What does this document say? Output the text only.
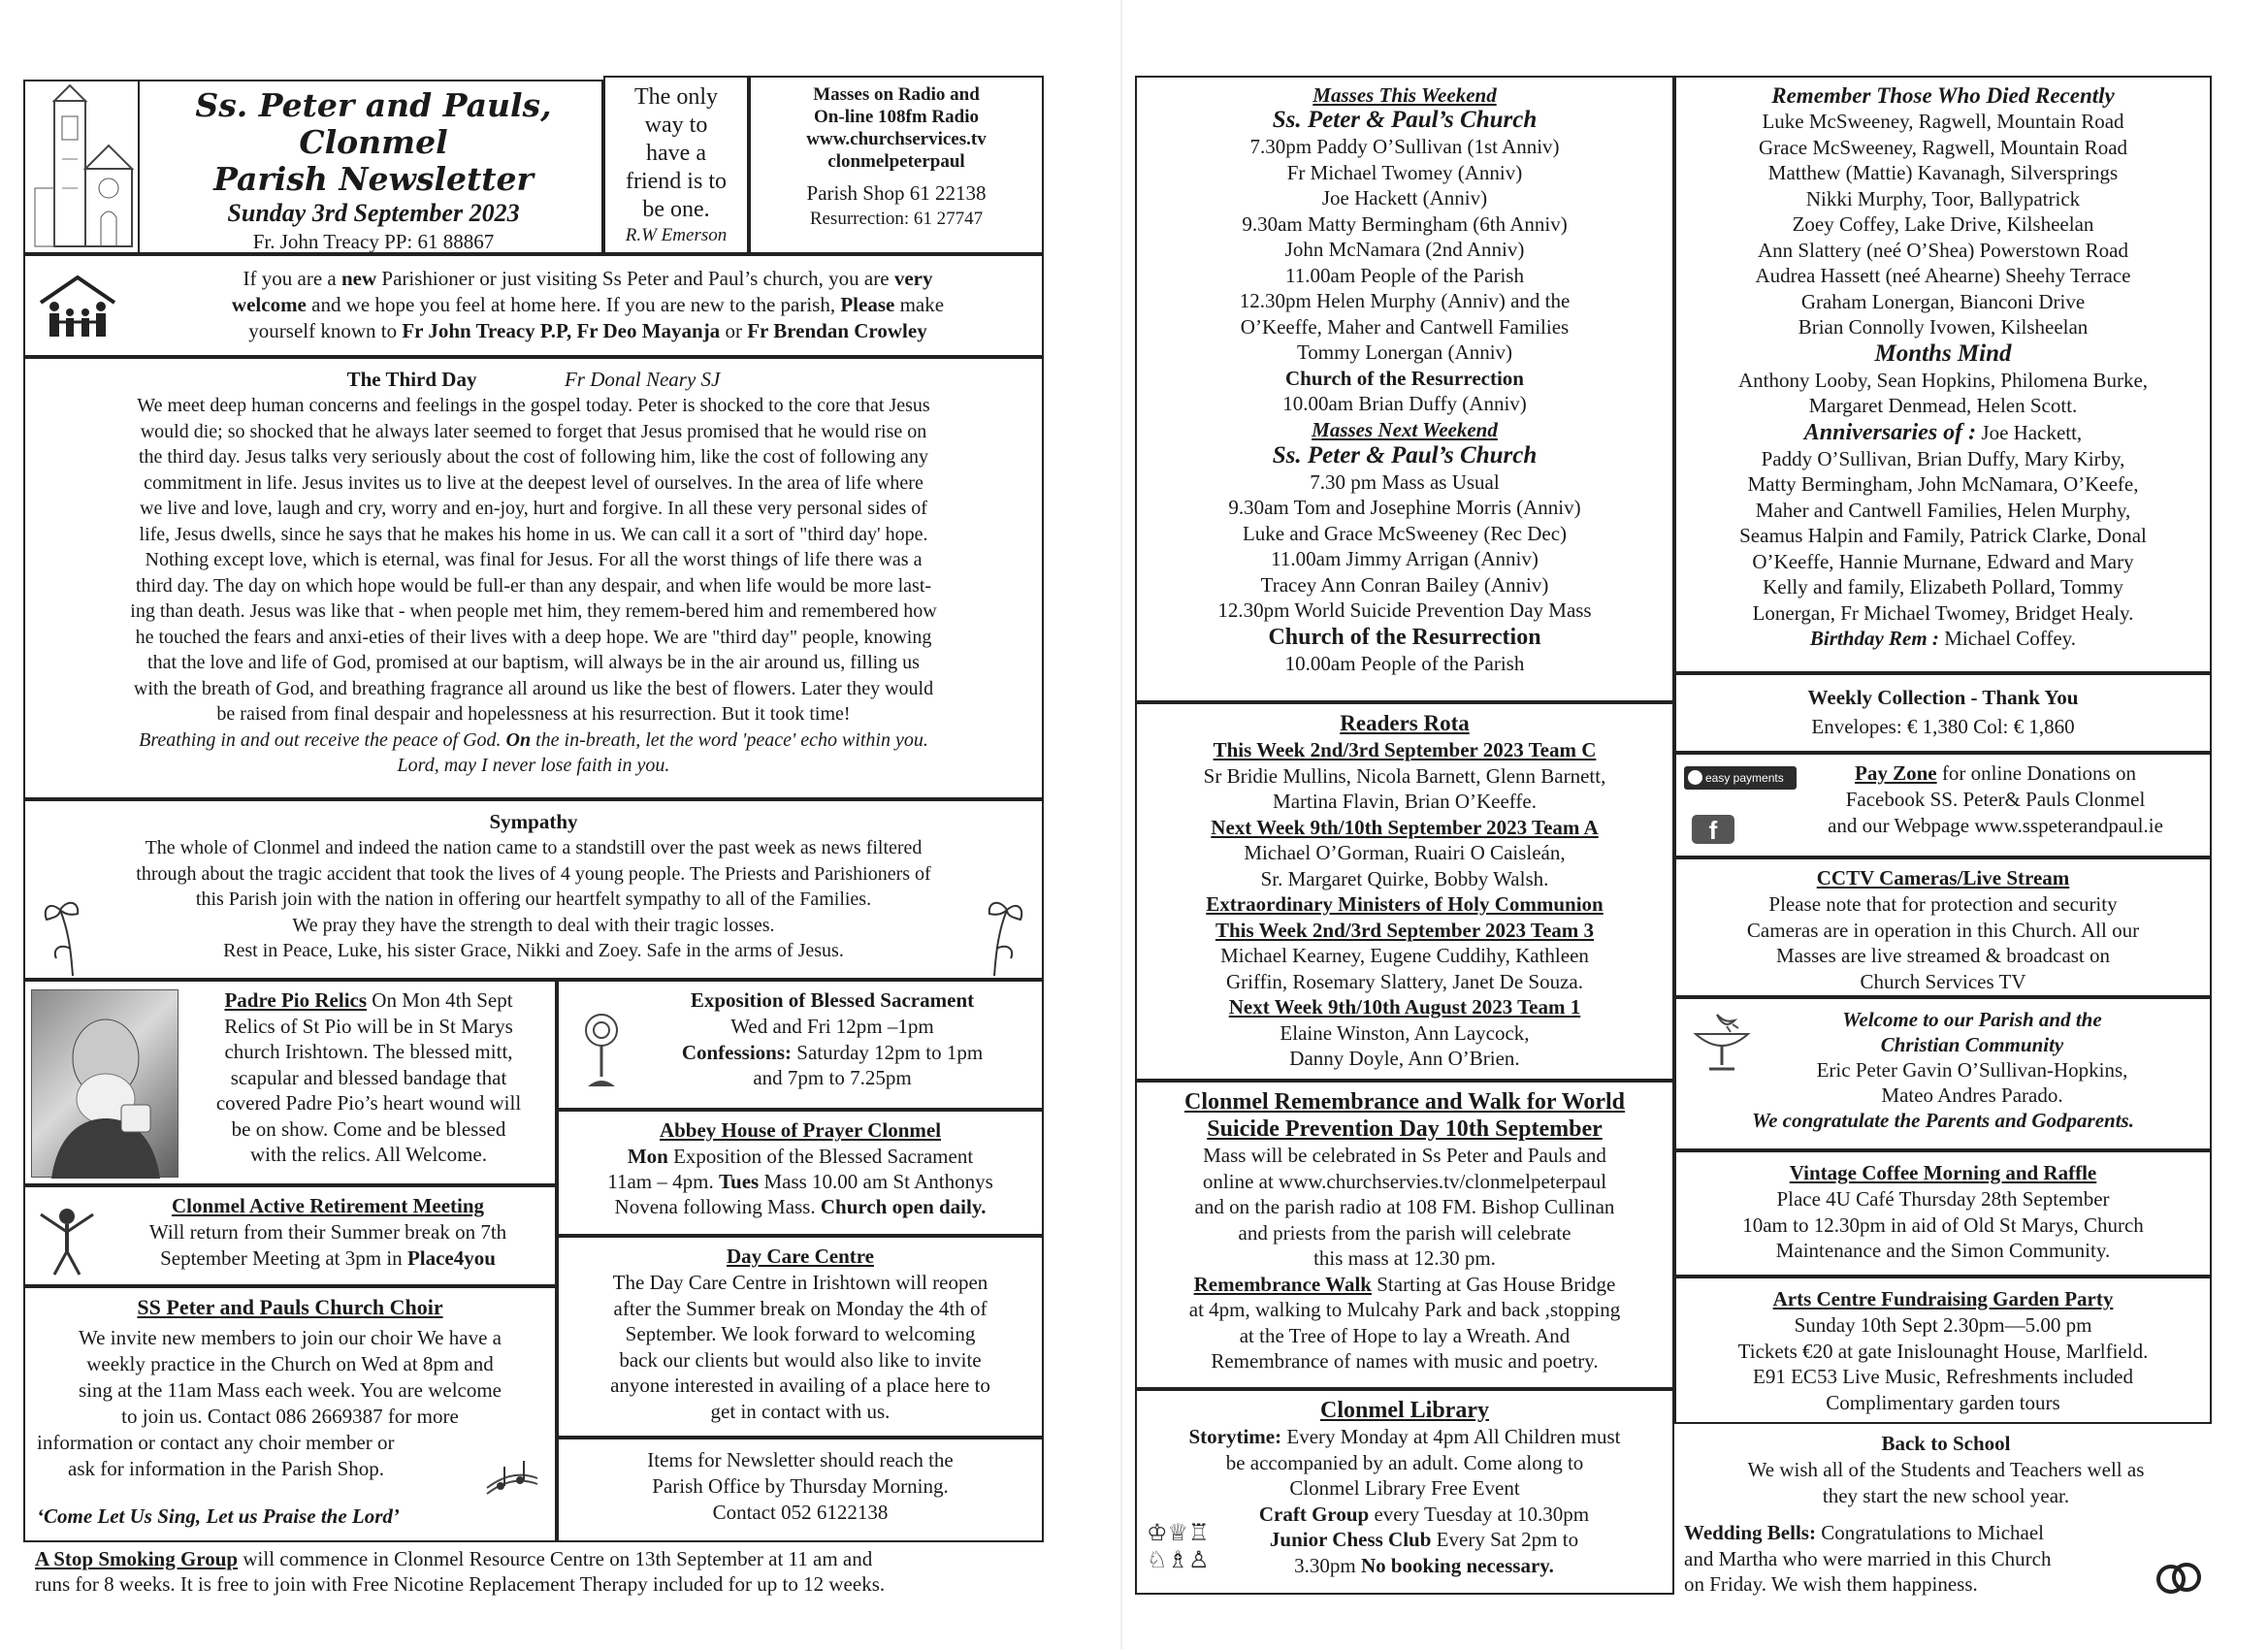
Ss. Peter and Pauls, Clonmel
Parish Newsletter
Sunday 3rd September 2023
Fr. John Treacy PP: 61 88867
The only
way to
have a
friend is to
be one.
R.W Emerson
Masses on Radio and
On-line 108fm Radio
www.churchservices.tv
clonmelpeterpaul
Parish Shop 61 22138
Resurrection: 61 27747
If you are a new Parishioner or just visiting Ss Peter and Paul’s church, you are very
welcome and we hope you feel at home here. If you are new to the parish, Please make
yourself known to Fr John Treacy P.P, Fr Deo Mayanja or Fr Brendan Crowley
The Third Day	Fr Donal Neary SJ
We meet deep human concerns and feelings in the gospel today. Peter is shocked to the core that Jesus
would die; so shocked that he always later seemed to forget that Jesus promised that he would rise on
the third day. Jesus talks very seriously about the cost of following him, like the cost of following any
commitment in life. Jesus invites us to live at the deepest level of ourselves. In the area of life where
we live and love, laugh and cry, worry and en-joy, hurt and forgive. In all these very personal sides of
life, Jesus dwells, since he says that he makes his home in us. We can call it a sort of "third day' hope.
Nothing except love, which is eternal, was final for Jesus. For all the worst things of life there was a
third day. The day on which hope would be full-er than any despair, and when life would be more last-
ing than death. Jesus was like that - when people met him, they remem-bered him and remembered how
he touched the fears and anxi-eties of their lives with a deep hope. We are "third day" people, knowing
that the love and life of God, promised at our baptism, will always be in the air around us, filling us
with the breath of God, and breathing fragrance all around us like the best of flowers. Later they would
be raised from final despair and hopelessness at his resurrection. But it took time!
Breathing in and out receive the peace of God. On the in-breath, let the word 'peace' echo within you.
Lord, may I never lose faith in you.
Sympathy
The whole of Clonmel and indeed the nation came to a standstill over the past week as news filtered
through about the tragic accident that took the lives of 4 young people. The Priests and Parishioners of
this Parish join with the nation in offering our heartfelt sympathy to all of the Families.
We pray they have the strength to deal with their tragic losses.
Rest in Peace, Luke, his sister Grace, Nikki and Zoey. Safe in the arms of Jesus.
Padre Pio Relics On Mon 4th Sept
Relics of St Pio will be in St Marys
church Irishtown. The blessed mitt,
scapular and blessed bandage that
covered Padre Pio’s heart wound will
be on show. Come and be blessed
with the relics. All Welcome.
Exposition of Blessed Sacrament
Wed and Fri 12pm –1pm
Confessions: Saturday 12pm to 1pm
and 7pm to 7.25pm
Abbey House of Prayer Clonmel
Mon Exposition of the Blessed Sacrament
11am – 4pm. Tues Mass 10.00 am St Anthonys
Novena following Mass. Church open daily.
Clonmel Active Retirement Meeting
Will return from their Summer break on 7th
September Meeting at 3pm in Place4you	Day Care Centre
The Day Care Centre in Irishtown will reopen
after the Summer break on Monday the 4th of
September. We look forward to welcoming
back our clients but would also like to invite
anyone interested in availing of a place here to
get in contact with us.
SS Peter and Pauls Church Choir
We invite new members to join our choir We have a
weekly practice in the Church on Wed at 8pm and
sing at the 11am Mass each week. You are welcome
to join us. Contact 086 2669387 for more
information or contact any choir member or
ask for information in the Parish Shop.
‘Come Let Us Sing, Let us Praise the Lord’
Items for Newsletter should reach the
Parish Office by Thursday Morning.
Contact 052 6122138
A Stop Smoking Group will commence in Clonmel Resource Centre on 13th September at 11 am and
runs for 8 weeks. It is free to join with Free Nicotine Replacement Therapy included for up to 12 weeks.
Masses This Weekend
Ss. Peter & Paul’s Church
7.30pm Paddy O’Sullivan (1st Anniv)
Fr Michael Twomey (Anniv)
Joe Hackett (Anniv)
9.30am Matty Bermingham (6th Anniv)
John McNamara (2nd Anniv)
11.00am People of the Parish
12.30pm Helen Murphy (Anniv) and the
O’Keeffe, Maher and Cantwell Families
Tommy Lonergan (Anniv)
Church of the Resurrection
10.00am Brian Duffy (Anniv)
Masses Next Weekend
Ss. Peter & Paul’s Church
7.30 pm Mass as Usual
9.30am Tom and Josephine Morris (Anniv)
Luke and Grace McSweeney (Rec Dec)
11.00am Jimmy Arrigan (Anniv)
Tracey Ann Conran Bailey (Anniv)
12.30pm World Suicide Prevention Day Mass
Church of the Resurrection
10.00am People of the Parish
Readers Rota
This Week 2nd/3rd September 2023 Team C
Sr Bridie Mullins, Nicola Barnett, Glenn Barnett,
Martina Flavin, Brian O’Keeffe.
Next Week 9th/10th September 2023 Team A
Michael O’Gorman, Ruairi O Caisleán,
Sr. Margaret Quirke, Bobby Walsh.
Extraordinary Ministers of Holy Communion
This Week 2nd/3rd September 2023 Team 3
Michael Kearney, Eugene Cuddihy, Kathleen
Griffin, Rosemary Slattery, Janet De Souza.
Next Week 9th/10th August 2023 Team 1
Elaine Winston, Ann Laycock,
Danny Doyle, Ann O’Brien.
Clonmel Remembrance and Walk for World
Suicide Prevention Day 10th September
Mass will be celebrated in Ss Peter and Pauls and
online at www.churchservies.tv/clonmelpeterpaul
and on the parish radio at 108 FM. Bishop Cullinan
and priests from the parish will celebrate
this mass at 12.30 pm.
Remembrance Walk Starting at Gas House Bridge
at 4pm, walking to Mulcahy Park and back ,stopping
at the Tree of Hope to lay a Wreath. And
Remembrance of names with music and poetry.
Clonmel Library
Storytime: Every Monday at 4pm All Children must
be accompanied by an adult. Come along to
Clonmel Library Free Event
♔♕♖
♘♗♙
Craft Group every Tuesday at 10.30pm
Junior Chess Club Every Sat 2pm to
3.30pm No booking necessary.
Remember Those Who Died Recently
Luke McSweeney, Ragwell, Mountain Road
Grace McSweeney, Ragwell, Mountain Road
Matthew (Mattie) Kavanagh, Silversprings
Nikki Murphy, Toor, Ballypatrick
Zoey Coffey, Lake Drive, Kilsheelan
Ann Slattery (neé O’Shea) Powerstown Road
Audrea Hassett (neé Ahearne) Sheehy Terrace
Graham Lonergan, Bianconi Drive
Brian Connolly Ivowen, Kilsheelan
Months Mind
Anthony Looby, Sean Hopkins, Philomena Burke,
Margaret Denmead, Helen Scott.
Anniversaries of : Joe Hackett,
Paddy O’Sullivan, Brian Duffy, Mary Kirby,
Matty Bermingham, John McNamara, O’Keefe,
Maher and Cantwell Families, Helen Murphy,
Seamus Halpin and Family, Patrick Clarke, Donal
O’Keeffe, Hannie Murnane, Edward and Mary
Kelly and family, Elizabeth Pollard, Tommy
Lonergan, Fr Michael Twomey, Bridget Healy.
Birthday Rem : Michael Coffey.
Weekly Collection - Thank You
Envelopes: € 1,380 Col: € 1,860
easy payments plus
f
Pay Zone for online Donations on
Facebook SS. Peter& Pauls Clonmel
and our Webpage www.sspeterandpaul.ie
CCTV Cameras/Live Stream
Please note that for protection and security
Cameras are in operation in this Church. All our
Masses are live streamed & broadcast on
Church Services TV
Welcome to our Parish and the
Christian Community
Eric Peter Gavin O’Sullivan-Hopkins,
Mateo Andres Parado.
We congratulate the Parents and Godparents.
Vintage Coffee Morning and Raffle
Place 4U Café Thursday 28th September
10am to 12.30pm in aid of Old St Marys, Church
Maintenance and the Simon Community.
Arts Centre Fundraising Garden Party
Sunday 10th Sept 2.30pm—5.00 pm
Tickets €20 at gate Inislounaght House, Marlfield.
E91 EC53 Live Music, Refreshments included
Complimentary garden tours
Back to School
We wish all of the Students and Teachers well as
they start the new school year.
Wedding Bells: Congratulations to Michael
and Martha who were married in this Church
on Friday. We wish them happiness.
